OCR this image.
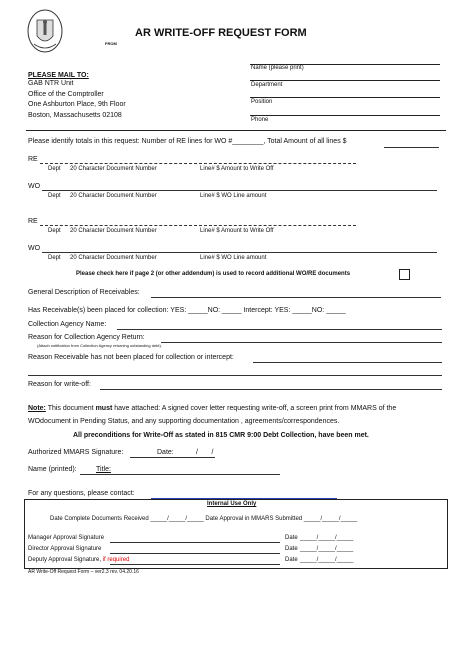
AR WRITE-OFF REQUEST FORM
FROM
PLEASE MAIL TO:
GAB NTR Unit
Office of the Comptroller
One Ashburton Place, 9th Floor
Boston, Massachusetts 02108
Name (please print)
Department
Position
Phone
Please identify totals in this request: Number of RE lines for WO #________, Total Amount of all lines $
RE
Dept 20 Character Document Number	Line# $ Amount to Write Off
WO
Dept 20 Character Document Number	Line# $ WO Line amount
RE
Dept 20 Character Document Number	Line# $ Amount to Write Off
WO
Dept 20 Character Document Number	Line# $ WO Line amount
Please check here if page 2 (or other addendum) is used to record additional WO/RE documents
General Description of Receivables:
Has Receivable(s) been placed for collection: YES: _____NO: _____ Intercept: YES: _____NO: _____
Collection Agency Name:
Reason for Collection Agency Return:
(Attach notification from Collection Agency returning outstanding debt).
Reason Receivable has not been placed for collection or intercept:
Reason for write-off:
Note: This document must have attached: A signed cover letter requesting write-off, a screen print from MMARS of the
WOdocument in Pending Status, and any supporting documentation , agreements/correspondences.
All preconditions for Write-Off as stated in 815 CMR 9:00 Debt Collection, have been met.
Authorized MMARS Signature:	Date:	/       /
Name (printed):	Title:
For any questions, please contact:
Internal Use Only
Date Complete Documents Received _____/_____/_____ Date Approval in MMARS Submitted _____/_____/_____
Manager Approval Signature	Date _____/_____/_____
Director Approval Signature	Date _____/_____/_____
Deputy Approval Signature, if required	Date _____/_____/_____
AR Write-Off Request Form – ver2.3 rev. 04.20.16
